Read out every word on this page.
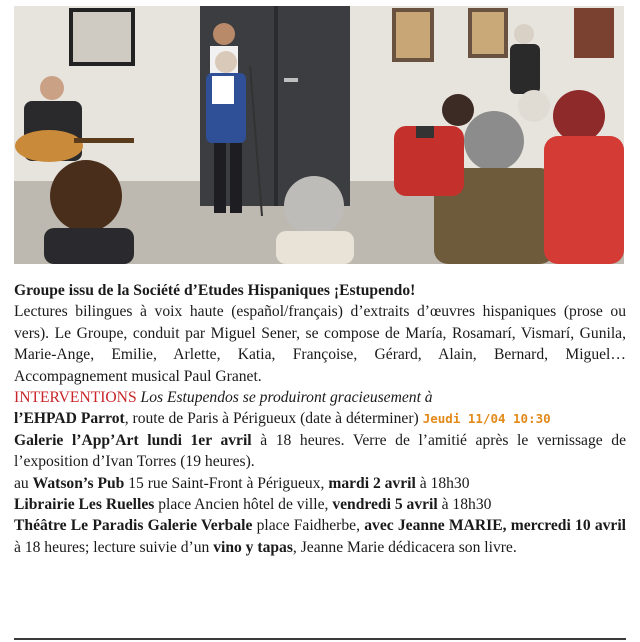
Groupe issu de la Société d’Etudes Hispaniques ¡Estupendo!

Lectures bilingues à voix haute (español/français) d’extraits d’œuvres hispaniques (prose ou vers). Le Groupe, conduit par Miguel Sener, se compose de María, Rosamarí, Vismarí, Gunila, Marie-Ange, Emilie, Arlette, Katia, Françoise, Gérard, Alain, Bernard, Miguel… Accompagnement musical Paul Granet.

INTERVENTIONS Los Estupendos se produiront gracieusement à

l’EHPAD Parrot, route de Paris à Périgueux (date à déterminer) Jeudi 11/04 10:30

Galerie l’App’Art lundi 1er avril à 18 heures. Verre de l’amitié après le vernissage de l’exposition d’Ivan Torres (19 heures).

au Watson’s Pub 15 rue Saint-Front à Périgueux, mardi 2 avril à 18h30

Librairie Les Ruelles place Ancien hôtel de ville, vendredi 5 avril à 18h30

Théâtre Le Paradis Galerie Verbale place Faidherbe, avec Jeanne MARIE, mercredi 10 avril à 18 heures; lecture suivie d’un vino y tapas, Jeanne Marie dédicacera son livre.
